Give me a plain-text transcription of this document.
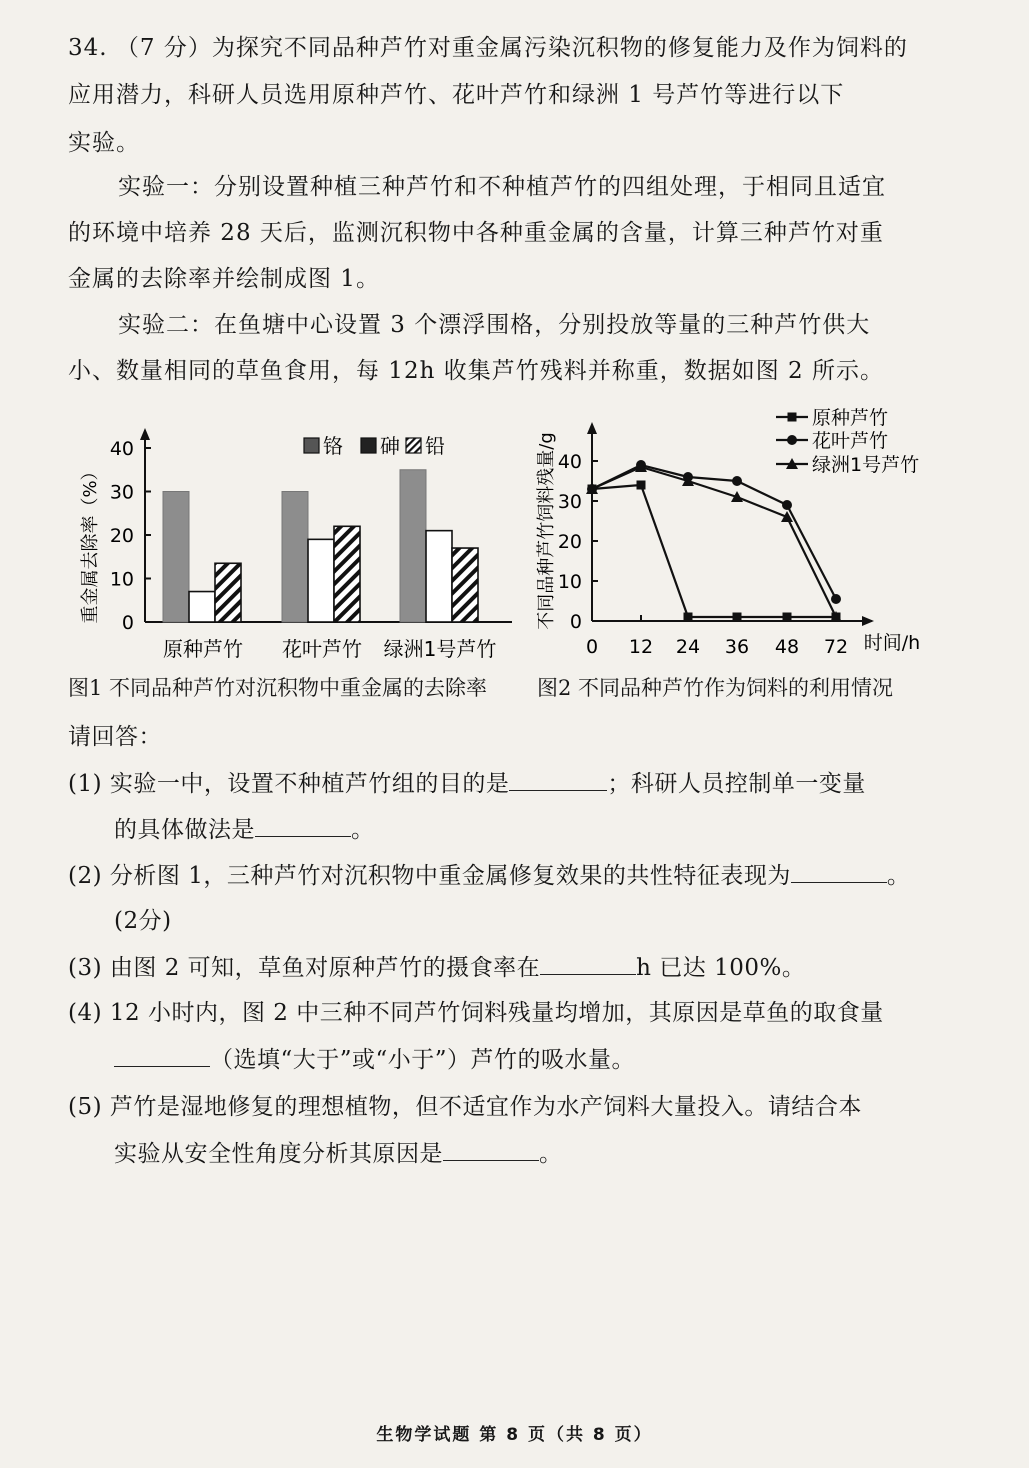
34. （7 分）为探究不同品种芦竹对重金属污染沉积物的修复能力及作为饲料的
应用潜力，科研人员选用原种芦竹、花叶芦竹和绿洲 1 号芦竹等进行以下
实验。
实验一：分别设置种植三种芦竹和不种植芦竹的四组处理，于相同且适宜
的环境中培养 28 天后，监测沉积物中各种重金属的含量，计算三种芦竹对重
金属的去除率并绘制成图 1。
实验二：在鱼塘中心设置 3 个漂浮围格，分别投放等量的三种芦竹供大
小、数量相同的草鱼食用，每 12h 收集芦竹残料并称重，数据如图 2 所示。
0
10
20
30
40
重金属去除率（%）
原种芦竹 花叶芦竹 绿洲1号芦竹
铬 砷 铅
0
10
20
30
40
0 12 24 36 48 72 时间/h
不同品种芦竹饲料残量/g
原种芦竹
花叶芦竹
绿洲1号芦竹
图1 不同品种芦竹对沉积物中重金属的去除率 图2 不同品种芦竹作为饲料的利用情况
请回答：
(1) 实验一中，设置不种植芦竹组的目的是	；科研人员控制单一变量
的具体做法是	。
(2) 分析图 1，三种芦竹对沉积物中重金属修复效果的共性特征表现为	。
(2分)
(3) 由图 2 可知，草鱼对原种芦竹的摄食率在	h 已达 100%。
(4) 12 小时内，图 2 中三种不同芦竹饲料残量均增加，其原因是草鱼的取食量
（选填“大于”或“小于”）芦竹的吸水量。
(5) 芦竹是湿地修复的理想植物，但不适宜作为水产饲料大量投入。请结合本
实验从安全性角度分析其原因是	。
生物学试题 第 8 页（共 8 页）
